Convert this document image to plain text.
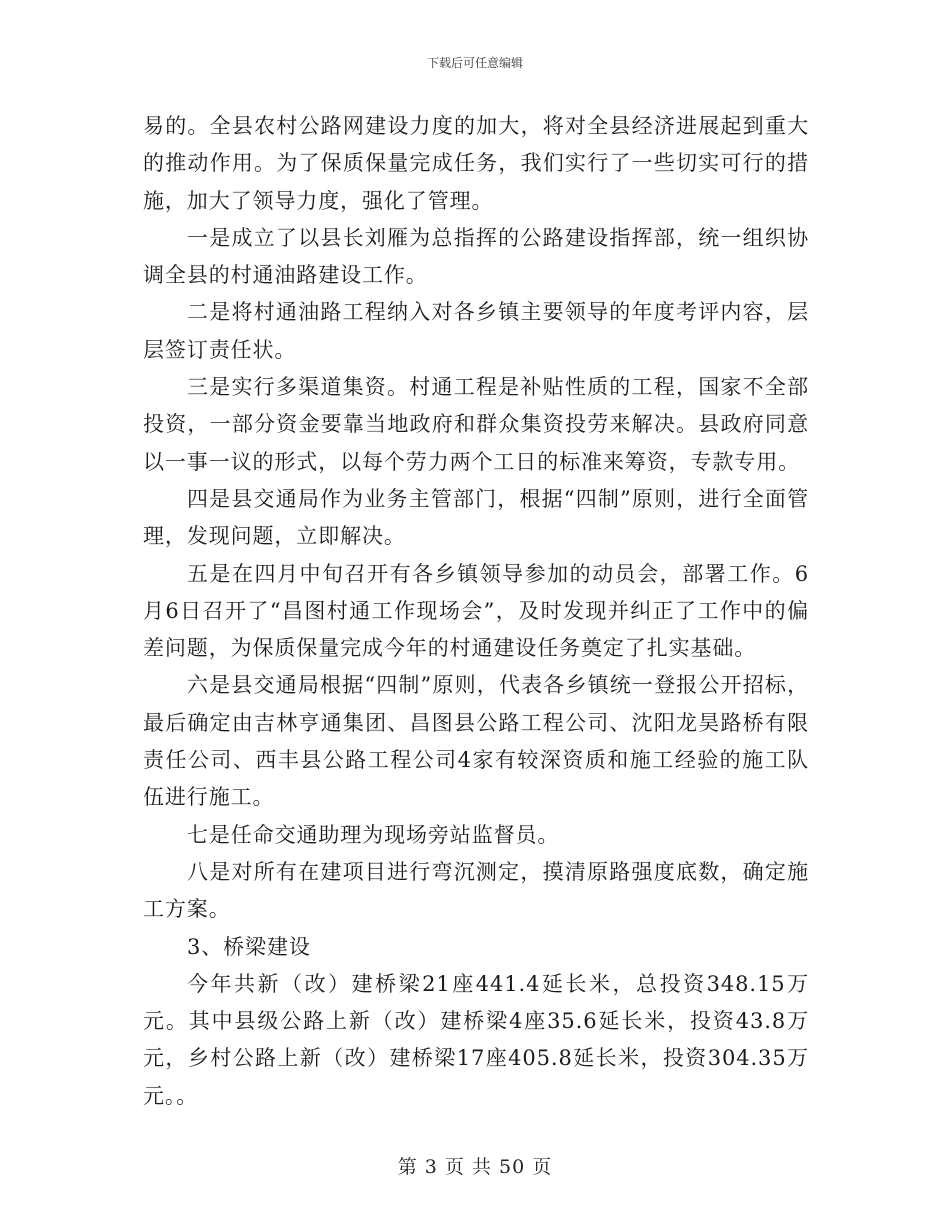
下载后可任意编辑

易的。全县农村公路网建设力度的加大，将对全县经济进展起到重大的推动作用。为了保质保量完成任务，我们实行了一些切实可行的措施，加大了领导力度，强化了管理。

一是成立了以县长刘雁为总指挥的公路建设指挥部，统一组织协调全县的村通油路建设工作。

二是将村通油路工程纳入对各乡镇主要领导的年度考评内容，层层签订责任状。

三是实行多渠道集资。村通工程是补贴性质的工程，国家不全部投资，一部分资金要靠当地政府和群众集资投劳来解决。县政府同意以一事一议的形式，以每个劳力两个工日的标准来筹资，专款专用。

四是县交通局作为业务主管部门，根据“四制”原则，进行全面管理，发现问题，立即解决。

五是在四月中旬召开有各乡镇领导参加的动员会，部署工作。6月6日召开了“昌图村通工作现场会”，及时发现并纠正了工作中的偏差问题，为保质保量完成今年的村通建设任务奠定了扎实基础。

六是县交通局根据“四制”原则，代表各乡镇统一登报公开招标，最后确定由吉林亨通集团、昌图县公路工程公司、沈阳龙昊路桥有限责任公司、西丰县公路工程公司4家有较深资质和施工经验的施工队伍进行施工。

七是任命交通助理为现场旁站监督员。

八是对所有在建项目进行弯沉测定，摸清原路强度底数，确定施工方案。

3、桥梁建设

今年共新（改）建桥梁21座441.4延长米，总投资348.15万元。其中县级公路上新（改）建桥梁4座35.6延长米，投资43.8万元，乡村公路上新（改）建桥梁17座405.8延长米，投资304.35万元。。

第 3 页 共 50 页
